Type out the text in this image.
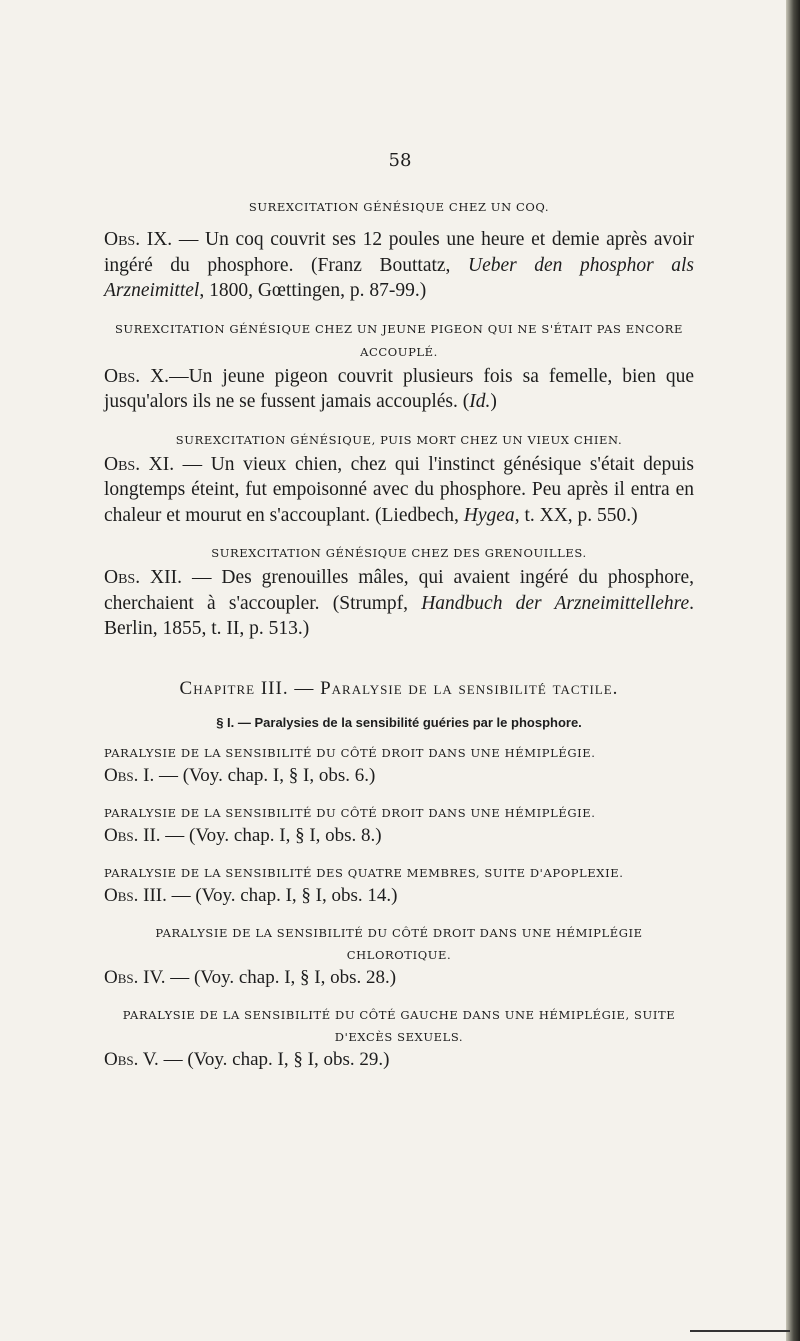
58

SUREXCITATION GÉNÉSIQUE CHEZ UN COQ.

Obs. IX. — Un coq couvrit ses 12 poules une heure et demie après avoir ingéré du phosphore. (Franz Bouttatz, Ueber den phosphor als Arzneimittel, 1800, Gœttingen, p. 87-99.)

SUREXCITATION GÉNÉSIQUE CHEZ UN JEUNE PIGEON QUI NE S'ÉTAIT PAS ENCORE ACCOUPLÉ.

Obs. X.—Un jeune pigeon couvrit plusieurs fois sa femelle, bien que jusqu'alors ils ne se fussent jamais accouplés. (Id.)

SUREXCITATION GÉNÉSIQUE, PUIS MORT CHEZ UN VIEUX CHIEN.

Obs. XI. — Un vieux chien, chez qui l'instinct génésique s'était depuis longtemps éteint, fut empoisonné avec du phosphore. Peu après il entra en chaleur et mourut en s'accouplant. (Liedbech, Hygea, t. XX, p. 550.)

SUREXCITATION GÉNÉSIQUE CHEZ DES GRENOUILLES.

Obs. XII. — Des grenouilles mâles, qui avaient ingéré du phosphore, cherchaient à s'accoupler. (Strumpf, Handbuch der Arzneimittellehre. Berlin, 1855, t. II, p. 513.)

Chapitre III. — Paralysie de la sensibilité tactile.

§ I. — Paralysies de la sensibilité guéries par le phosphore.

PARALYSIE DE LA SENSIBILITÉ DU CÔTÉ DROIT DANS UNE HÉMIPLÉGIE.

Obs. I. — (Voy. chap. I, § I, obs. 6.)

PARALYSIE DE LA SENSIBILITÉ DU CÔTÉ DROIT DANS UNE HÉMIPLÉGIE.

Obs. II. — (Voy. chap. I, § I, obs. 8.)

PARALYSIE DE LA SENSIBILITÉ DES QUATRE MEMBRES, SUITE D'APOPLEXIE.

Obs. III. — (Voy. chap. I, § I, obs. 14.)

PARALYSIE DE LA SENSIBILITÉ DU CÔTÉ DROIT DANS UNE HÉMIPLÉGIE CHLOROTIQUE.

Obs. IV. — (Voy. chap. I, § I, obs. 28.)

PARALYSIE DE LA SENSIBILITÉ DU CÔTÉ GAUCHE DANS UNE HÉMIPLÉGIE, SUITE D'EXCÈS SEXUELS.

Obs. V. — (Voy. chap. I, § I, obs. 29.)
